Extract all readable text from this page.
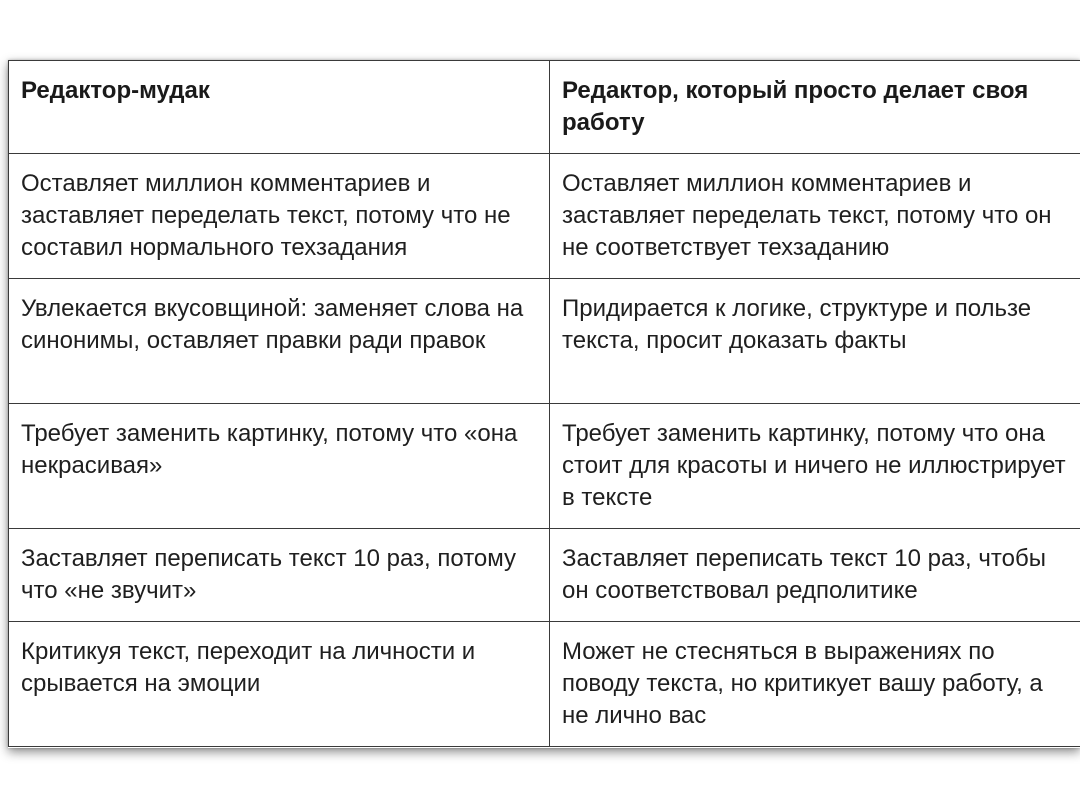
Редактор-мудак	Редактор, который просто делает своя работу
Оставляет миллион комментариев и заставляет переделать текст, потому что не составил нормального техзадания	Оставляет миллион комментариев и заставляет переделать текст, потому что он не соответствует техзаданию
Увлекается вкусовщиной: заменяет слова на синонимы, оставляет правки ради правок	Придирается к логике, структуре и пользе текста, просит доказать факты
Требует заменить картинку, потому что «она некрасивая»	Требует заменить картинку, потому что она стоит для красоты и ничего не иллюстрирует в тексте
Заставляет переписать текст 10 раз, потому что «не звучит»	Заставляет переписать текст 10 раз, чтобы он соответствовал редполитике
Критикуя текст, переходит на личности и срывается на эмоции	Может не стесняться в выражениях по поводу текста, но критикует вашу работу, а не лично вас
